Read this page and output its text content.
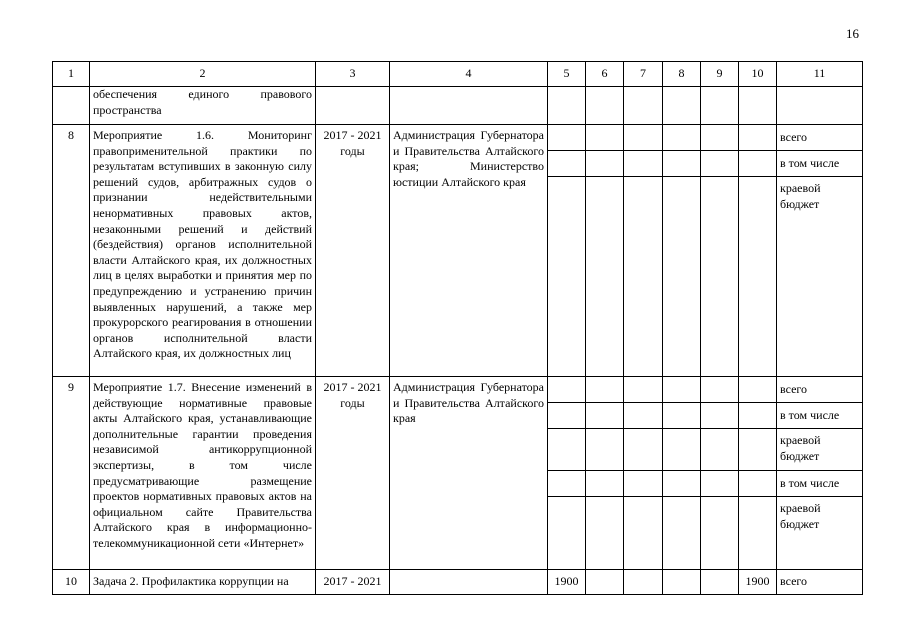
16
1	2	3	4	5	6	7	8	9	10	11
	обеспечения единого правового пространства									
8	Мероприятие 1.6. Мониторинг правоприменительной практики по результатам вступивших в законную силу решений судов, арбитражных судов о признании недействительными ненормативных правовых актов, незаконными решений и действий (бездействия) органов исполнительной власти Алтайского края, их должностных лиц в целях выработки и принятия мер по предупреждению и устранению причин выявленных нарушений, а также мер прокурорского реагирования в отношении органов исполнительной власти Алтайского края, их должностных лиц	2017 - 2021 годы	Администрация Губернатора и Правительства Алтайского края; Министерство юстиции Алтайского края							всего
										в том числе
										краевой бюджет
9	Мероприятие 1.7. Внесение изменений в действующие нормативные правовые акты Алтайского края, устанавливающие дополнительные гарантии проведения независимой антикоррупционной экспертизы, в том числе предусматривающие размещение проектов нормативных правовых актов на официальном сайте Правительства Алтайского края в информационно-телекоммуникационной сети «Интернет»	2017 - 2021 годы	Администрация Губернатора и Правительства Алтайского края							всего
										в том числе
										краевой бюджет
										в том числе
										краевой бюджет
10	Задача 2. Профилактика коррупции на	2017 - 2021		1900					1900	всего
